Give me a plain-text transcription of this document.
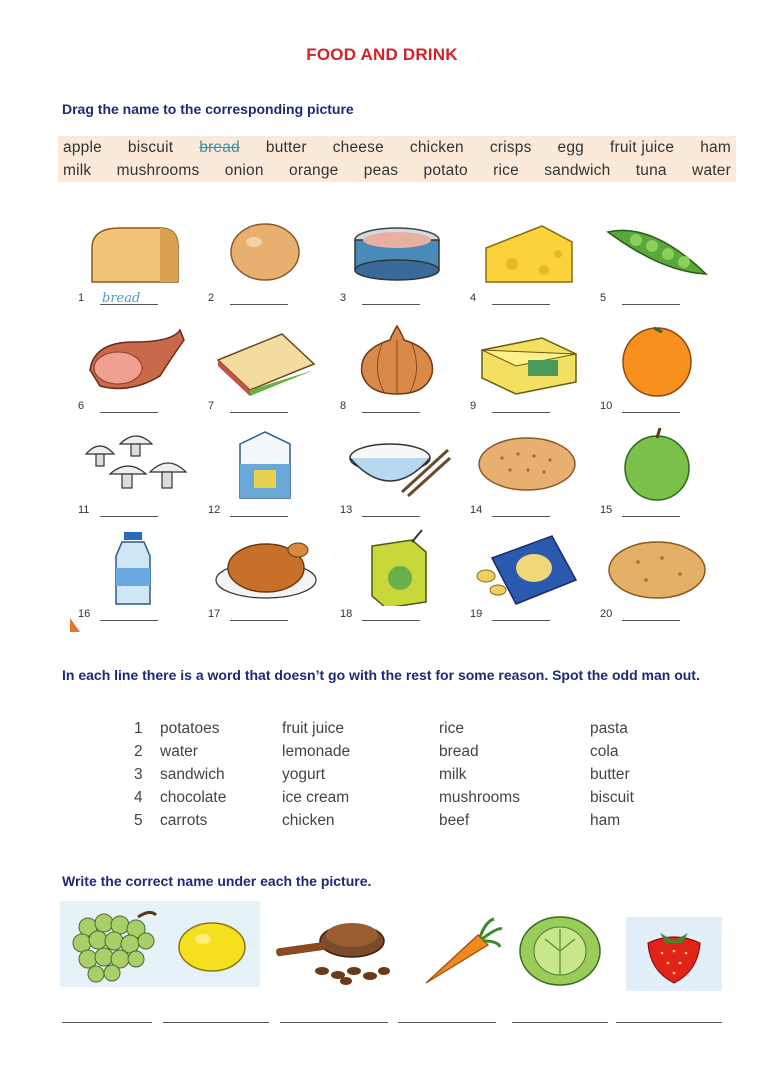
FOOD AND DRINK
Drag the name to the corresponding picture
apple biscuit bread butter cheese chicken crisps egg fruit juice ham
milk mushrooms onion orange peas potato rice sandwich tuna water
1 bread	2	3	4	5
6	7	8	9	10
11	12	13	14	15
16	17	18	19	20
In each line there is a word that doesn’t go with the rest for some reason. Spot the odd man out.
1 potatoes	fruit juice	rice	pasta
2 water	lemonade	bread	cola
3 sandwich	yogurt	milk	butter
4 chocolate	ice cream	mushrooms	biscuit
5 carrots	chicken	beef	ham
Write the correct name under each the picture.
